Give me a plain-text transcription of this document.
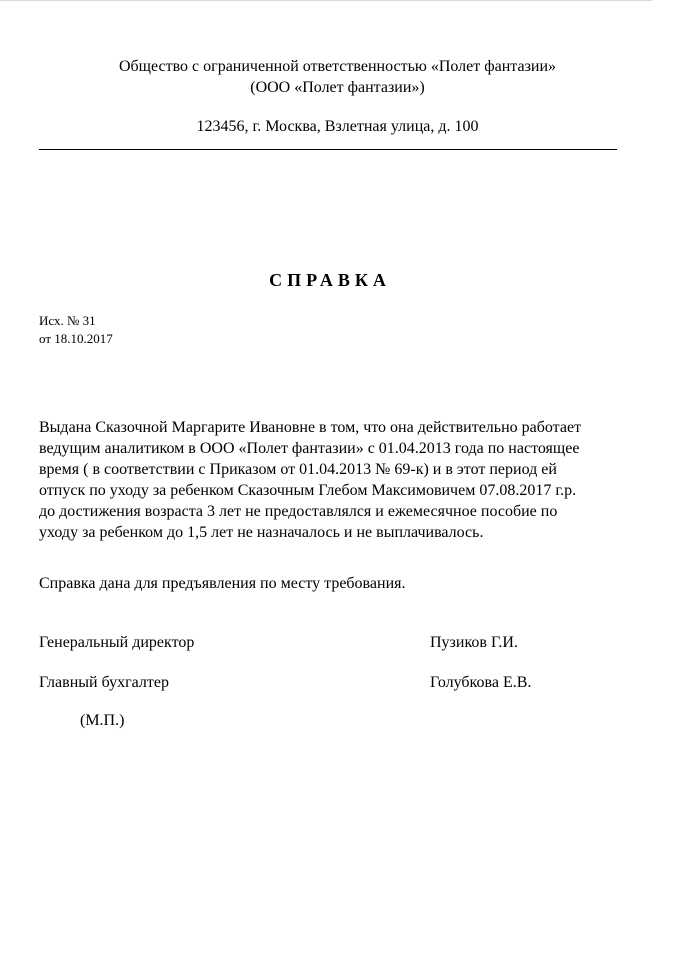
Общество с ограниченной ответственностью «Полет фантазии»
(ООО «Полет фантазии»)
123456, г. Москва, Взлетная улица, д. 100
СПРАВКА
Исх. № 31
от 18.10.2017
Выдана Сказочной Маргарите Ивановне в том, что она действительно работает
ведущим аналитиком в ООО «Полет фантазии» с 01.04.2013 года по настоящее
время ( в соответствии с Приказом от 01.04.2013 № 69-к) и в этот период ей
отпуск по уходу за ребенком Сказочным Глебом Максимовичем 07.08.2017 г.р.
до достижения возраста 3 лет не предоставлялся и ежемесячное пособие по
уходу за ребенком до 1,5 лет не назначалось и не выплачивалось.
Справка дана для предъявления по месту требования.
Генеральный директор	Пузиков Г.И.
Главный бухгалтер	Голубкова Е.В.
(М.П.)
